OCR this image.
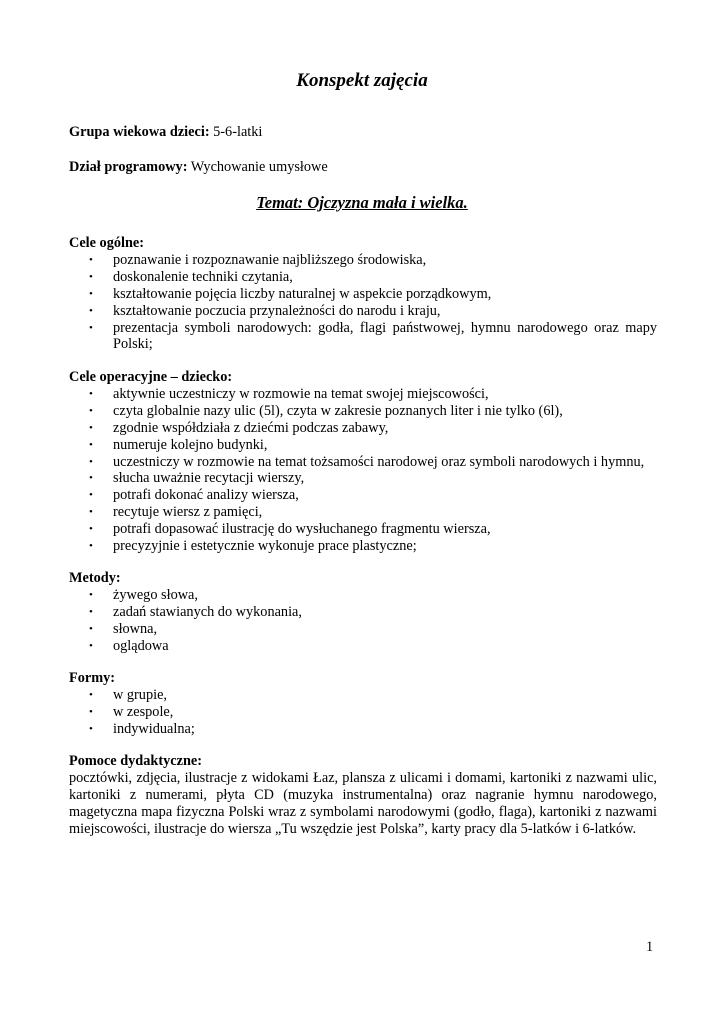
Konspekt zajęcia
Grupa wiekowa dzieci: 5-6-latki
Dział programowy: Wychowanie umysłowe
Temat: Ojczyzna mała i wielka.
Cele ogólne:
• poznawanie i rozpoznawanie najbliższego środowiska,
• doskonalenie techniki czytania,
• kształtowanie pojęcia liczby naturalnej w aspekcie porządkowym,
• kształtowanie poczucia przynależności do narodu i kraju,
• prezentacja symboli narodowych: godła, flagi państwowej, hymnu narodowego oraz mapy Polski;
Cele operacyjne – dziecko:
• aktywnie uczestniczy w rozmowie na temat swojej miejscowości,
• czyta globalnie nazy ulic (5l), czyta w zakresie poznanych liter i nie tylko (6l),
• zgodnie współdziała z dziećmi podczas zabawy,
• numeruje kolejno budynki,
• uczestniczy w rozmowie na temat tożsamości narodowej oraz symboli narodowych i hymnu,
• słucha uważnie recytacji wierszy,
• potrafi dokonać analizy wiersza,
• recytuje wiersz z pamięci,
• potrafi dopasować ilustrację do wysłuchanego fragmentu wiersza,
• precyzyjnie i estetycznie wykonuje prace plastyczne;
Metody:
• żywego słowa,
• zadań stawianych do wykonania,
• słowna,
• oglądowa
Formy:
• w grupie,
• w zespole,
• indywidualna;
Pomoce dydaktyczne:
pocztówki, zdjęcia, ilustracje z widokami Łaz, plansza z ulicami i domami, kartoniki z nazwami ulic, kartoniki z numerami, płyta CD (muzyka instrumentalna) oraz nagranie hymnu narodowego, magetyczna mapa fizyczna Polski wraz z symbolami narodowymi (godło, flaga), kartoniki z nazwami miejscowości, ilustracje do wiersza „Tu wszędzie jest Polska”, karty pracy dla 5-latków i 6-latków.
1
